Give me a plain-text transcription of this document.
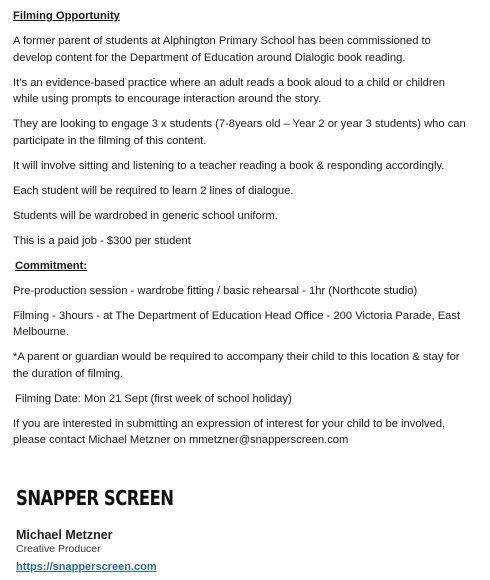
Filming Opportunity
A former parent of students at Alphington Primary School has been commissioned to develop content for the Department of Education around Dialogic book reading.
It’s an evidence-based practice where an adult reads a book aloud to a child or children while using prompts to encourage interaction around the story.
They are looking to engage 3 x students (7-8years old – Year 2 or year 3 students) who can participate in the filming of this content.
It will involve sitting and listening to a teacher reading a book & responding accordingly.
Each student will be required to learn 2 lines of dialogue.
Students will be wardrobed in generic school uniform.
This is a paid job - $300 per student
Commitment:
Pre-production session - wardrobe fitting / basic rehearsal - 1hr (Northcote studio)
Filming - 3hours - at The Department of Education Head Office - 200 Victoria Parade, East Melbourne.
*A parent or guardian would be required to accompany their child to this location & stay for the duration of filming.
Filming Date: Mon 21 Sept (first week of school holiday)
If you are interested in submitting an expression of interest for your child to be involved, please contact Michael Metzner on mmetzner@snapperscreen.com
SNAPPER SCREEN
Michael Metzner
Creative Producer
https://snapperscreen.com
